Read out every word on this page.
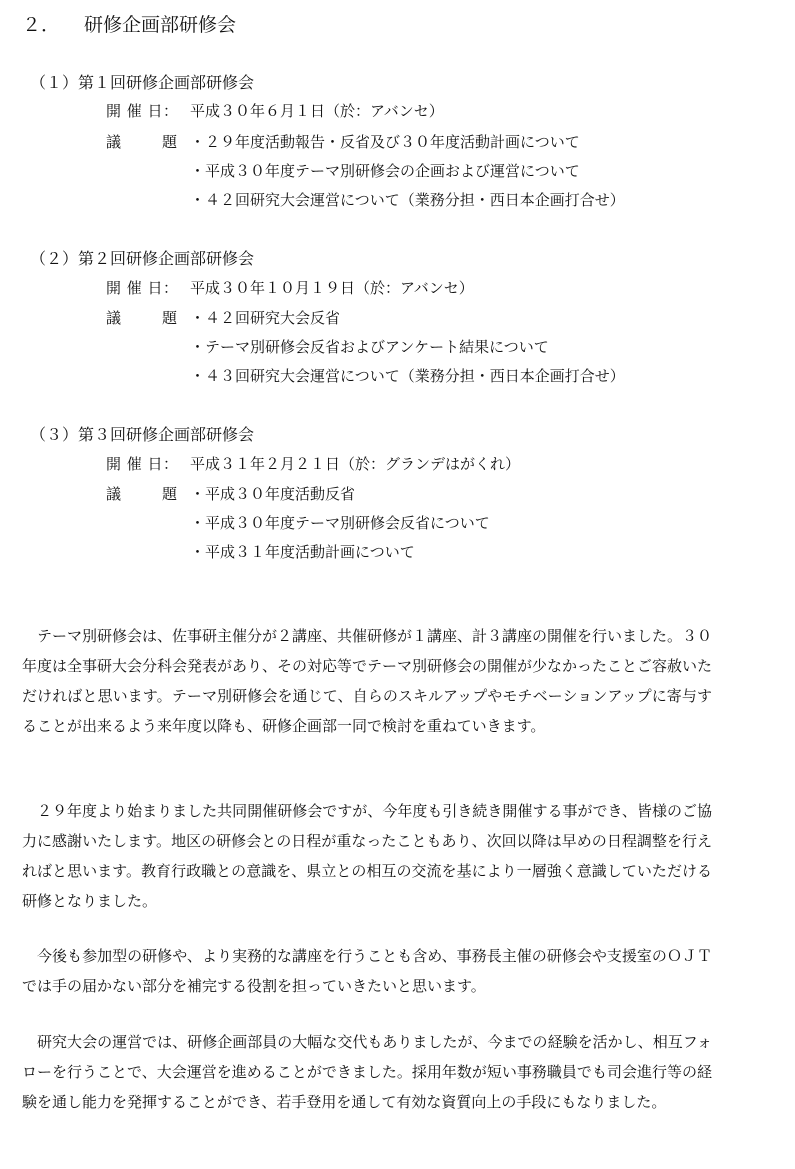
２． 研修企画部研修会
（１）第１回研修企画部研修会
開 催 日： 平成３０年６月１日（於：アバンセ）
議	題 ・２９年度活動報告・反省及び３０年度活動計画について
・平成３０年度テーマ別研修会の企画および運営について
・４２回研究大会運営について（業務分担・西日本企画打合せ）
（２）第２回研修企画部研修会
開 催 日： 平成３０年１０月１９日（於：アバンセ）
議	題 ・４２回研究大会反省
・テーマ別研修会反省およびアンケート結果について
・４３回研究大会運営について（業務分担・西日本企画打合せ）
（３）第３回研修企画部研修会
開 催 日： 平成３１年２月２１日（於：グランデはがくれ）
議	題 ・平成３０年度活動反省
・平成３０年度テーマ別研修会反省について
・平成３１年度活動計画について

　テーマ別研修会は、佐事研主催分が２講座、共催研修が１講座、計３講座の開催を行いました。３０年度は全事研大会分科会発表があり、その対応等でテーマ別研修会の開催が少なかったことご容赦いただければと思います。テーマ別研修会を通じて、自らのスキルアップやモチベーションアップに寄与することが出来るよう来年度以降も、研修企画部一同で検討を重ねていきます。

　２９年度より始まりました共同開催研修会ですが、今年度も引き続き開催する事ができ、皆様のご協力に感謝いたします。地区の研修会との日程が重なったこともあり、次回以降は早めの日程調整を行えればと思います。教育行政職との意識を、県立との相互の交流を基により一層強く意識していただける研修となりました。

　今後も参加型の研修や、より実務的な講座を行うことも含め、事務長主催の研修会や支援室のＯＪＴでは手の届かない部分を補完する役割を担っていきたいと思います。

　研究大会の運営では、研修企画部員の大幅な交代もありましたが、今までの経験を活かし、相互フォローを行うことで、大会運営を進めることができました。採用年数が短い事務職員でも司会進行等の経験を通し能力を発揮することができ、若手登用を通して有効な資質向上の手段にもなりました。
